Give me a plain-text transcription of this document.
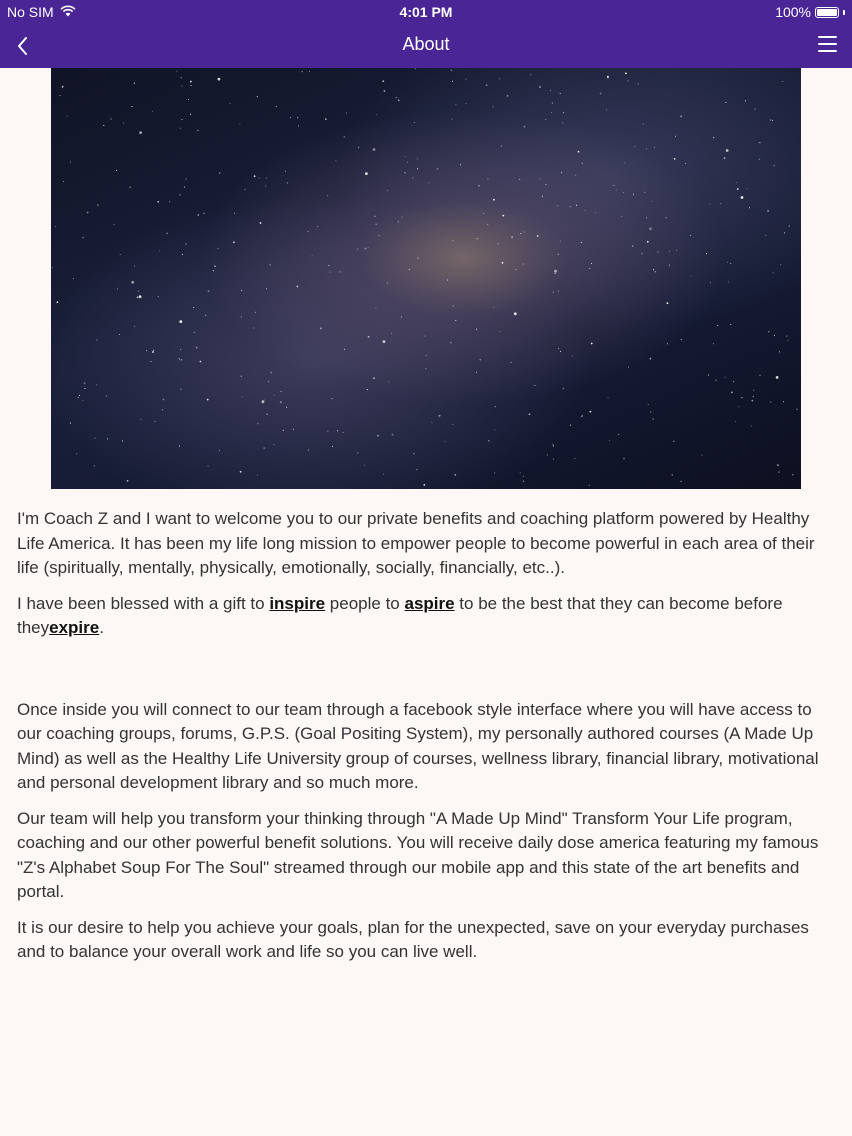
No SIM	4:01 PM	100%
About

I'm Coach Z and I want to welcome you to our private benefits and coaching platform powered by Healthy Life America. It has been my life long mission to empower people to become powerful in each area of their life (spiritually, mentally, physically, emotionally, socially, financially, etc..).

I have been blessed with a gift to inspire people to aspire to be the best that they can become before theyexpire.

Once inside you will connect to our team through a facebook style interface where you will have access to our coaching groups, forums, G.P.S. (Goal Positing System), my personally authored courses (A Made Up Mind) as well as the Healthy Life University group of courses, wellness library, financial library, motivational and personal development library and so much more.

Our team will help you transform your thinking through "A Made Up Mind" Transform Your Life program, coaching and our other powerful benefit solutions. You will receive daily dose america featuring my famous "Z's Alphabet Soup For The Soul" streamed through our mobile app and this state of the art benefits and portal.

It is our desire to help you achieve your goals, plan for the unexpected, save on your everyday purchases and to balance your overall work and life so you can live well.
